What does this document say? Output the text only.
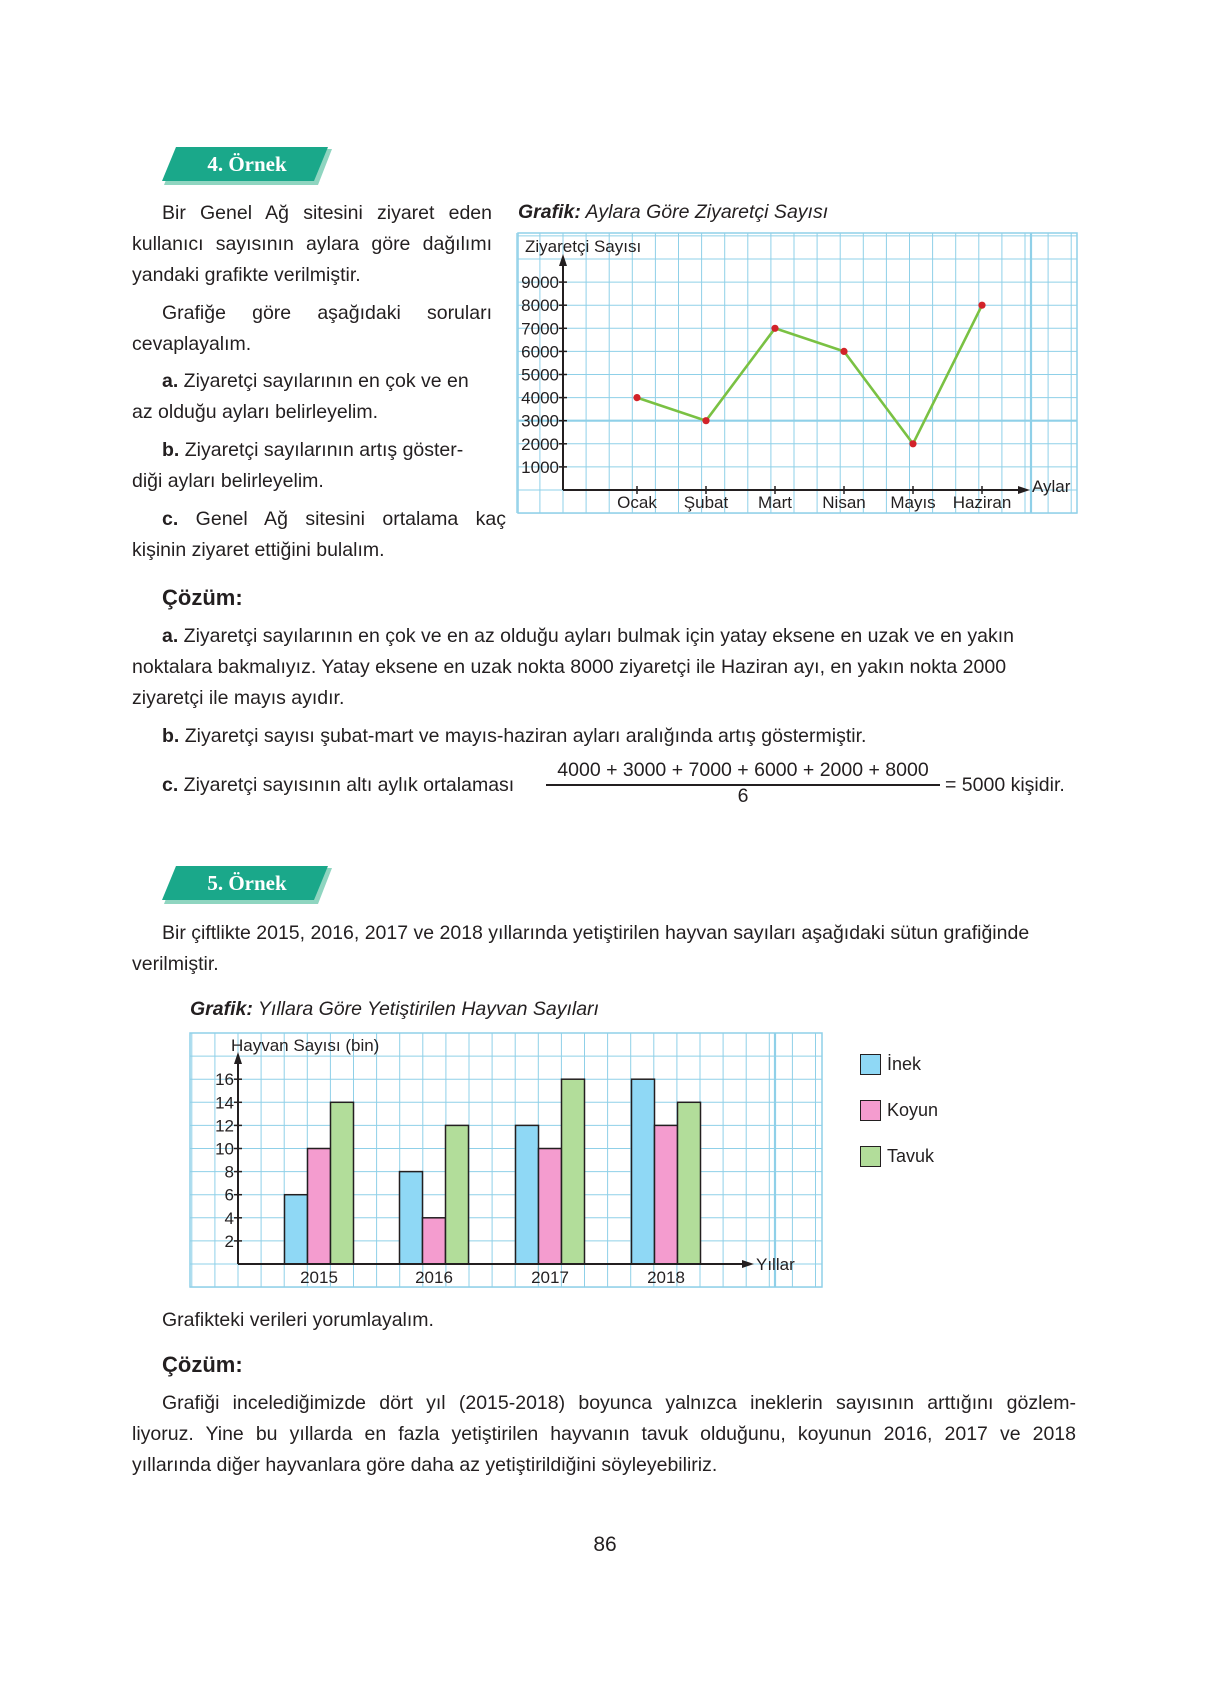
4. Örnek
Bir Genel Ağ sitesini ziyaret eden
kullanıcı sayısının aylara göre dağılımı
yandaki grafikte verilmiştir.
Grafiğe göre aşağıdaki soruları
cevaplayalım.
a. Ziyaretçi sayılarının en çok ve en
az olduğu ayları belirleyelim.
b. Ziyaretçi sayılarının artış göster-
diği ayları belirleyelim.
c. Genel Ağ sitesini ortalama kaç
kişinin ziyaret ettiğini bulalım.
Grafik: Aylara Göre Ziyaretçi Sayısı
Ziyaretçi Sayısı
Aylar
1000
2000
3000
4000
5000
6000
7000
8000
9000
Ocak Şubat Mart Nisan Mayıs Haziran
Çözüm:
a. Ziyaretçi sayılarının en çok ve en az olduğu ayları bulmak için yatay eksene en uzak ve en yakın
noktalara bakmalıyız. Yatay eksene en uzak nokta 8000 ziyaretçi ile Haziran ayı, en yakın nokta 2000
ziyaretçi ile mayıs ayıdır.
b. Ziyaretçi sayısı şubat-mart ve mayıs-haziran ayları aralığında artış göstermiştir.
c. Ziyaretçi sayısının altı aylık ortalaması
4000 + 3000 + 7000 + 6000 + 2000 + 8000
6	= 5000 kişidir.
5. Örnek
Bir çiftlikte 2015, 2016, 2017 ve 2018 yıllarında yetiştirilen hayvan sayıları aşağıdaki sütun grafiğinde
verilmiştir.
Grafik: Yıllara Göre Yetiştirilen Hayvan Sayıları
2015	2016	2017	2018
Hayvan Sayısı (bin)
Yıllar
2
4
6
8
10
12
14
16
İnek
Koyun
Tavuk
Grafikteki verileri yorumlayalım.
Çözüm:
Grafiği incelediğimizde dört yıl (2015-2018) boyunca yalnızca ineklerin sayısının arttığını gözlem-
liyoruz. Yine bu yıllarda en fazla yetiştirilen hayvanın tavuk olduğunu, koyunun 2016, 2017 ve 2018
yıllarında diğer hayvanlara göre daha az yetiştirildiğini söyleyebiliriz.
86
